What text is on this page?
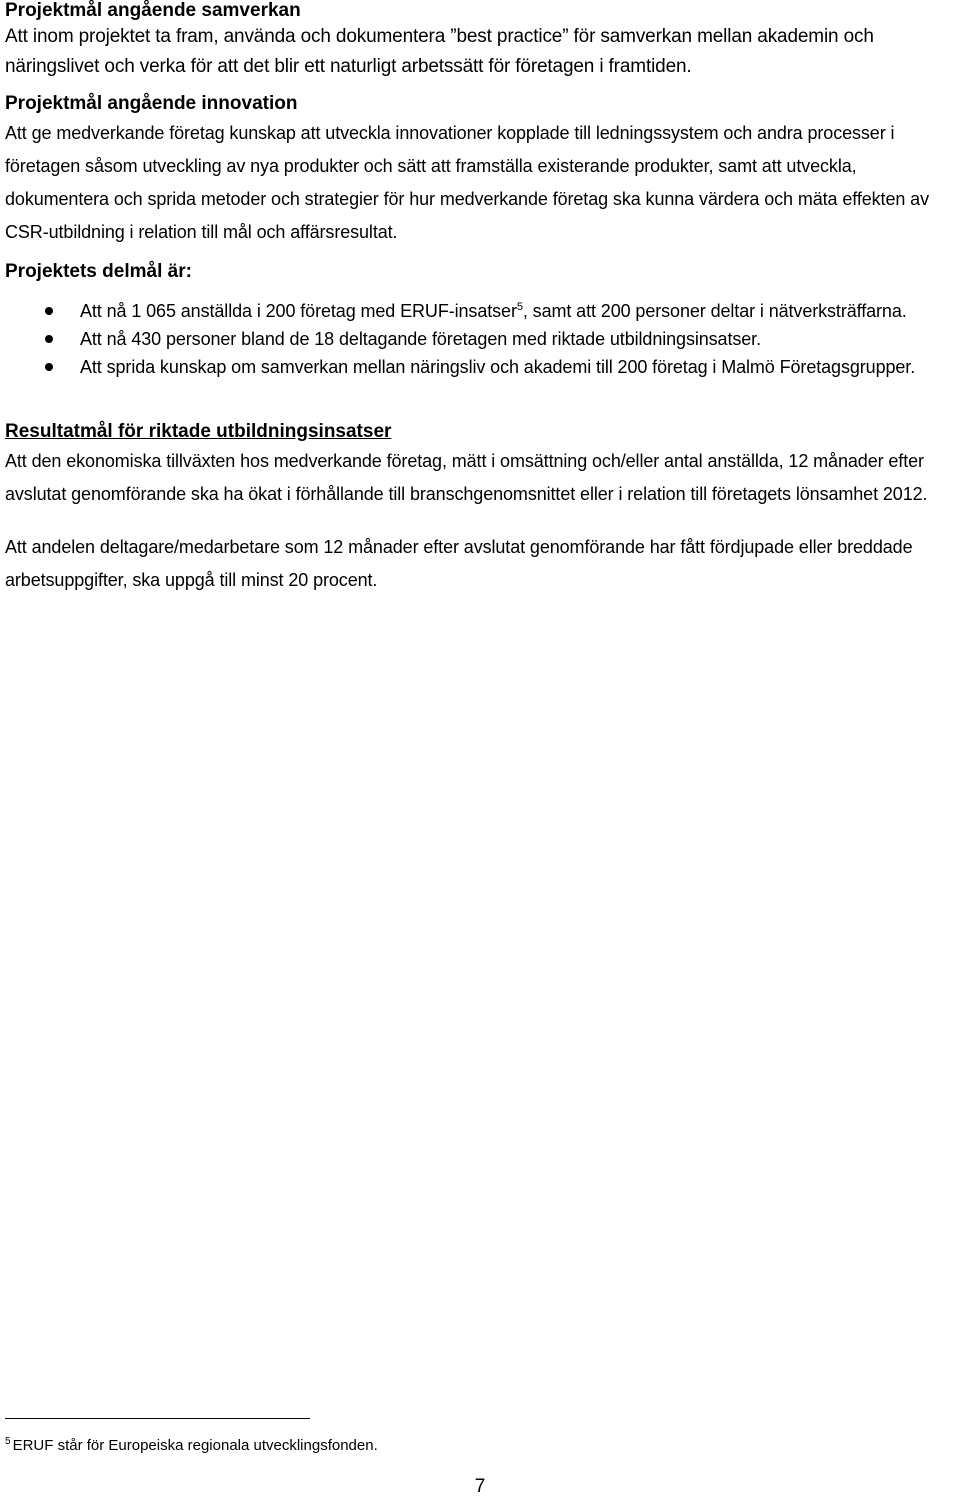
Projektmål angående samverkan

Att inom projektet ta fram, använda och dokumentera ”best practice” för samverkan mellan akademin och näringslivet och verka för att det blir ett naturligt arbetssätt för företagen i framtiden.

Projektmål angående innovation

Att ge medverkande företag kunskap att utveckla innovationer kopplade till ledningssystem och andra processer i företagen såsom utveckling av nya produkter och sätt att framställa existerande produkter, samt att utveckla, dokumentera och sprida metoder och strategier för hur medverkande företag ska kunna värdera och mäta effekten av CSR-utbildning i relation till mål och affärsresultat.

Projektets delmål är:
Att nå 1 065 anställda i 200 företag med ERUF-insatser$^5$, samt att 200 personer deltar i nätverksträffarna.
Att nå 430 personer bland de 18 deltagande företagen med riktade utbildningsinsatser.
Att sprida kunskap om samverkan mellan näringsliv och akademi till 200 företag i Malmö Företagsgrupper.
Resultatmål för riktade utbildningsinsatser

Att den ekonomiska tillväxten hos medverkande företag, mätt i omsättning och/eller antal anställda, 12 månader efter avslutat genomförande ska ha ökat i förhållande till branschgenomsnittet eller i relation till företagets lönsamhet 2012.

Att andelen deltagare/medarbetare som 12 månader efter avslutat genomförande har fått fördjupade eller breddade arbetsuppgifter, ska uppgå till minst 20 procent.

$^5$ ERUF står för Europeiska regionala utvecklingsfonden.

7
